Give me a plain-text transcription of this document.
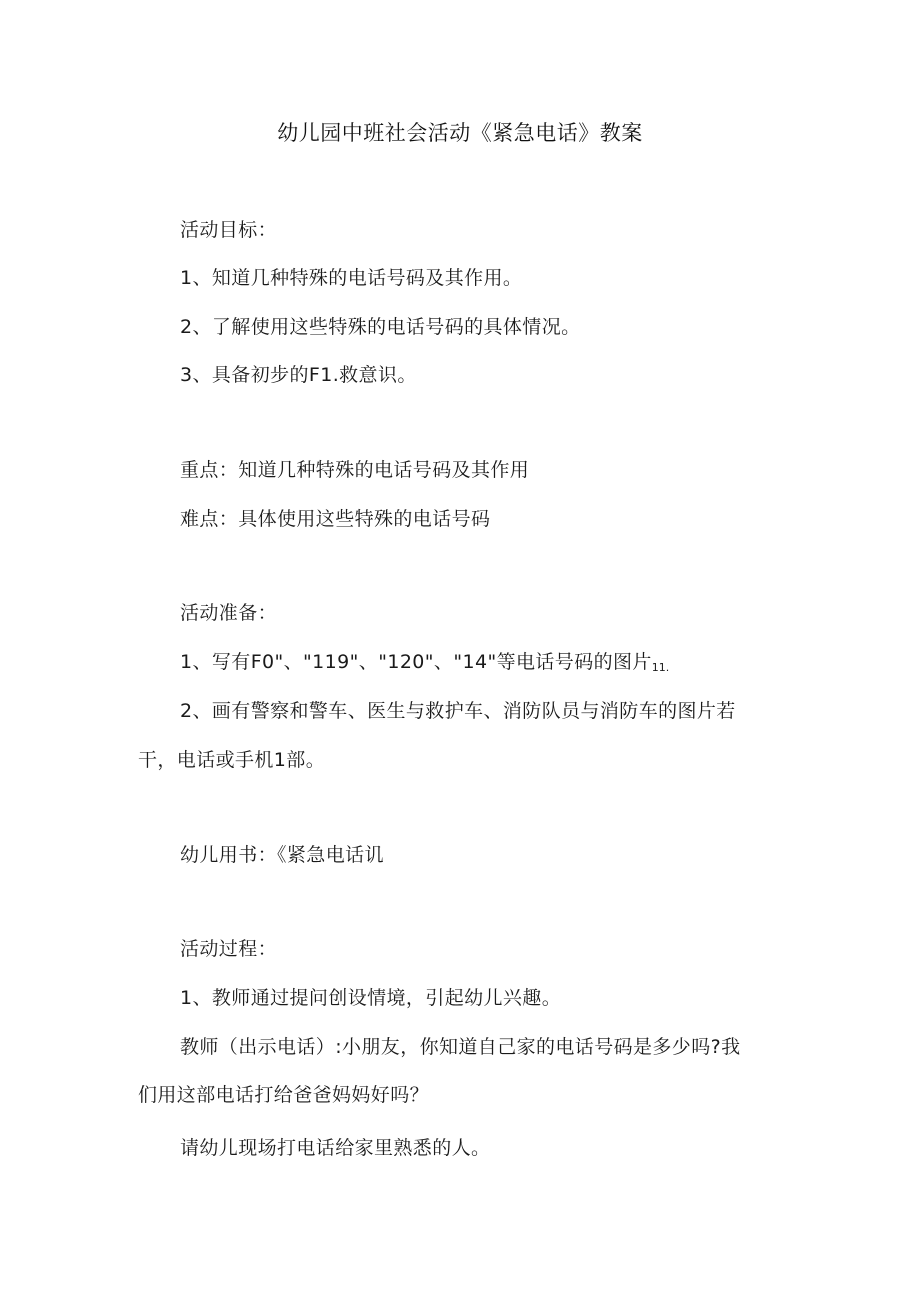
幼儿园中班社会活动《紧急电话》教案
活动目标：
1、知道几种特殊的电话号码及其作用。
2、了解使用这些特殊的电话号码的具体情况。
3、具备初步的F1.救意识。
重点：知道几种特殊的电话号码及其作用
难点：具体使用这些特殊的电话号码
活动准备：
1、写有F0"、"119"、"120"、"14"等电话号码的图片11.
2、画有警察和警车、医生与救护车、消防队员与消防车的图片若
干，电话或手机1部。
幼儿用书：《紧急电话讥
活动过程：
1、教师通过提问创设情境，引起幼儿兴趣。
教师（出示电话）:小朋友，你知道自己家的电话号码是多少吗?我
们用这部电话打给爸爸妈妈好吗？
请幼儿现场打电话给家里熟悉的人。
